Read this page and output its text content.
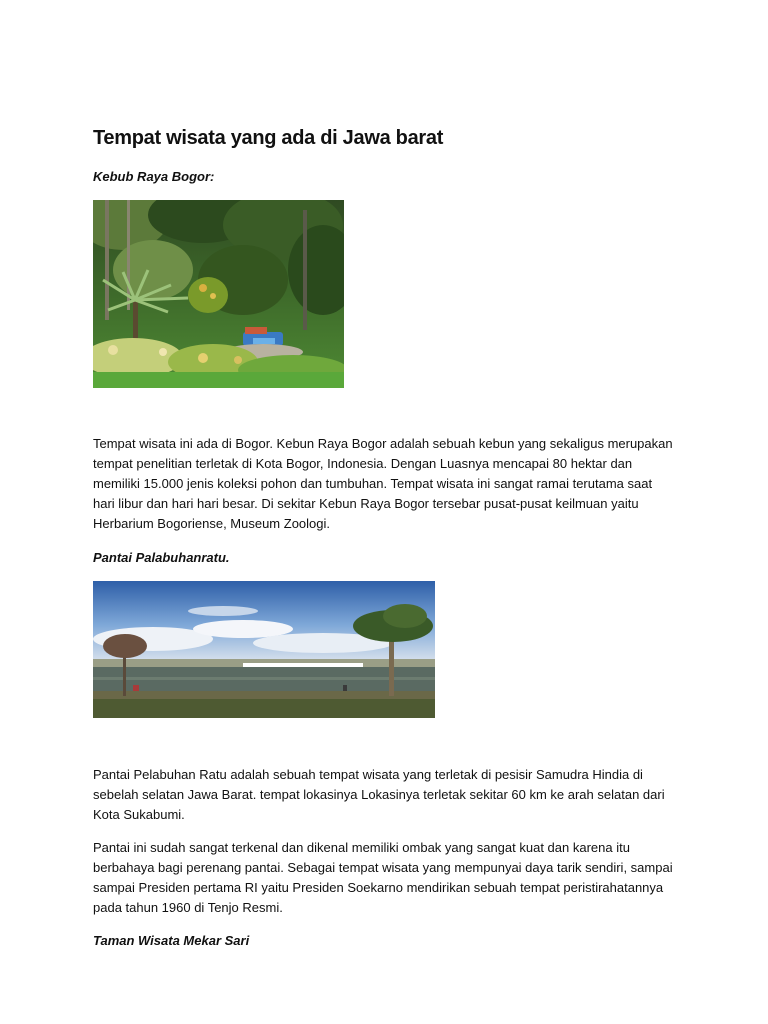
Tempat wisata yang ada di Jawa barat

Kebub Raya Bogor:

Tempat wisata ini ada di Bogor. Kebun Raya Bogor adalah sebuah kebun yang sekaligus merupakan tempat penelitian terletak di Kota Bogor, Indonesia. Dengan Luasnya mencapai 80 hektar dan memiliki 15.000 jenis koleksi pohon dan tumbuhan. Tempat wisata ini sangat ramai terutama saat hari libur dan hari hari besar. Di sekitar Kebun Raya Bogor tersebar pusat-pusat keilmuan yaitu Herbarium Bogoriense, Museum Zoologi.

Pantai Palabuhanratu.

Pantai Pelabuhan Ratu adalah sebuah tempat wisata yang terletak di pesisir Samudra Hindia di sebelah selatan Jawa Barat. tempat lokasinya Lokasinya terletak sekitar 60 km ke arah selatan dari Kota Sukabumi.

Pantai ini sudah sangat terkenal dan dikenal memiliki ombak yang sangat kuat dan karena itu berbahaya bagi perenang pantai. Sebagai tempat wisata yang mempunyai daya tarik sendiri, sampai sampai Presiden pertama RI yaitu Presiden Soekarno mendirikan sebuah tempat peristirahatannya pada tahun 1960 di Tenjo Resmi.

Taman Wisata Mekar Sari
